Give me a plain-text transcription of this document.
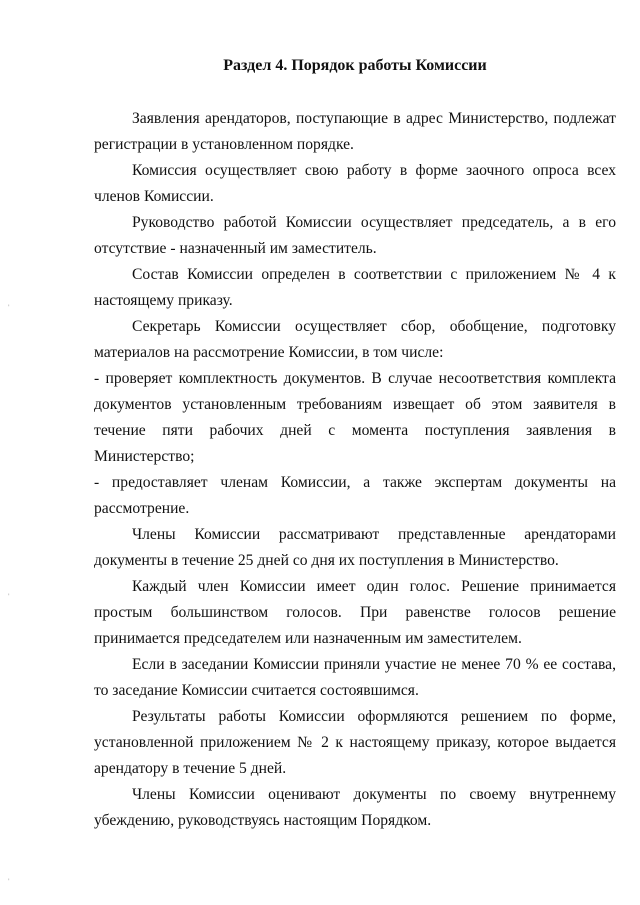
Раздел 4. Порядок работы Комиссии

Заявления арендаторов, поступающие в адрес Министерство, подлежат регистрации в установленном порядке.

Комиссия осуществляет свою работу в форме заочного опроса всех членов Комиссии.

Руководство работой Комиссии осуществляет председатель, а в его отсутствие - назначенный им заместитель.

Состав Комиссии определен в соответствии с приложением № 4 к настоящему приказу.

Секретарь Комиссии осуществляет сбор, обобщение, подготовку материалов на рассмотрение Комиссии, в том числе:

- проверяет комплектность документов. В случае несоответствия комплекта документов установленным требованиям извещает об этом заявителя в течение пяти рабочих дней с момента поступления заявления в Министерство;

- предоставляет членам Комиссии, а также экспертам документы на рассмотрение.

Члены Комиссии рассматривают представленные арендаторами документы в течение 25 дней со дня их поступления в Министерство.

Каждый член Комиссии имеет один голос. Решение принимается простым большинством голосов. При равенстве голосов решение принимается председателем или назначенным им заместителем.

Если в заседании Комиссии приняли участие не менее 70 % ее состава, то заседание Комиссии считается состоявшимся.

Результаты работы Комиссии оформляются решением по форме, установленной приложением № 2 к настоящему приказу, которое выдается арендатору в течение 5 дней.

Члены Комиссии оценивают документы по своему внутреннему убеждению, руководствуясь настоящим Порядком.

'
'
'
